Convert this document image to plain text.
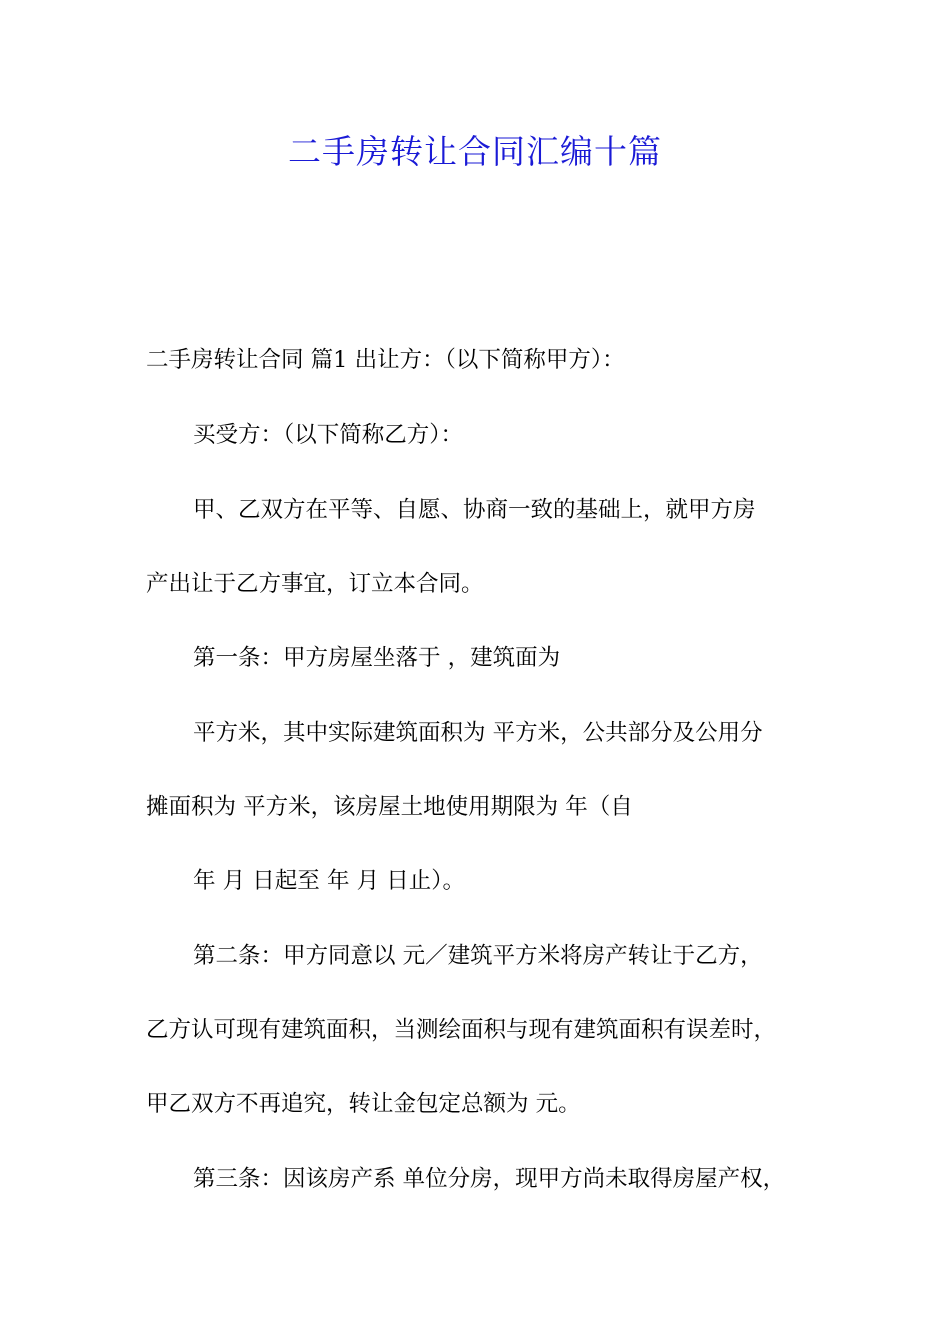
二手房转让合同汇编十篇

二手房转让合同 篇1 出让方：（以下简称甲方）：

买受方：（以下简称乙方）：

甲、乙双方在平等、自愿、协商一致的基础上，就甲方房

产出让于乙方事宜，订立本合同。

第一条：甲方房屋坐落于 ，建筑面为

平方米，其中实际建筑面积为 平方米，公共部分及公用分

摊面积为 平方米，该房屋土地使用期限为 年（自

年 月 日起至 年 月 日止）。

第二条：甲方同意以 元／建筑平方米将房产转让于乙方，

乙方认可现有建筑面积，当测绘面积与现有建筑面积有误差时，

甲乙双方不再追究，转让金包定总额为 元。

第三条：因该房产系 单位分房，现甲方尚未取得房屋产权，
